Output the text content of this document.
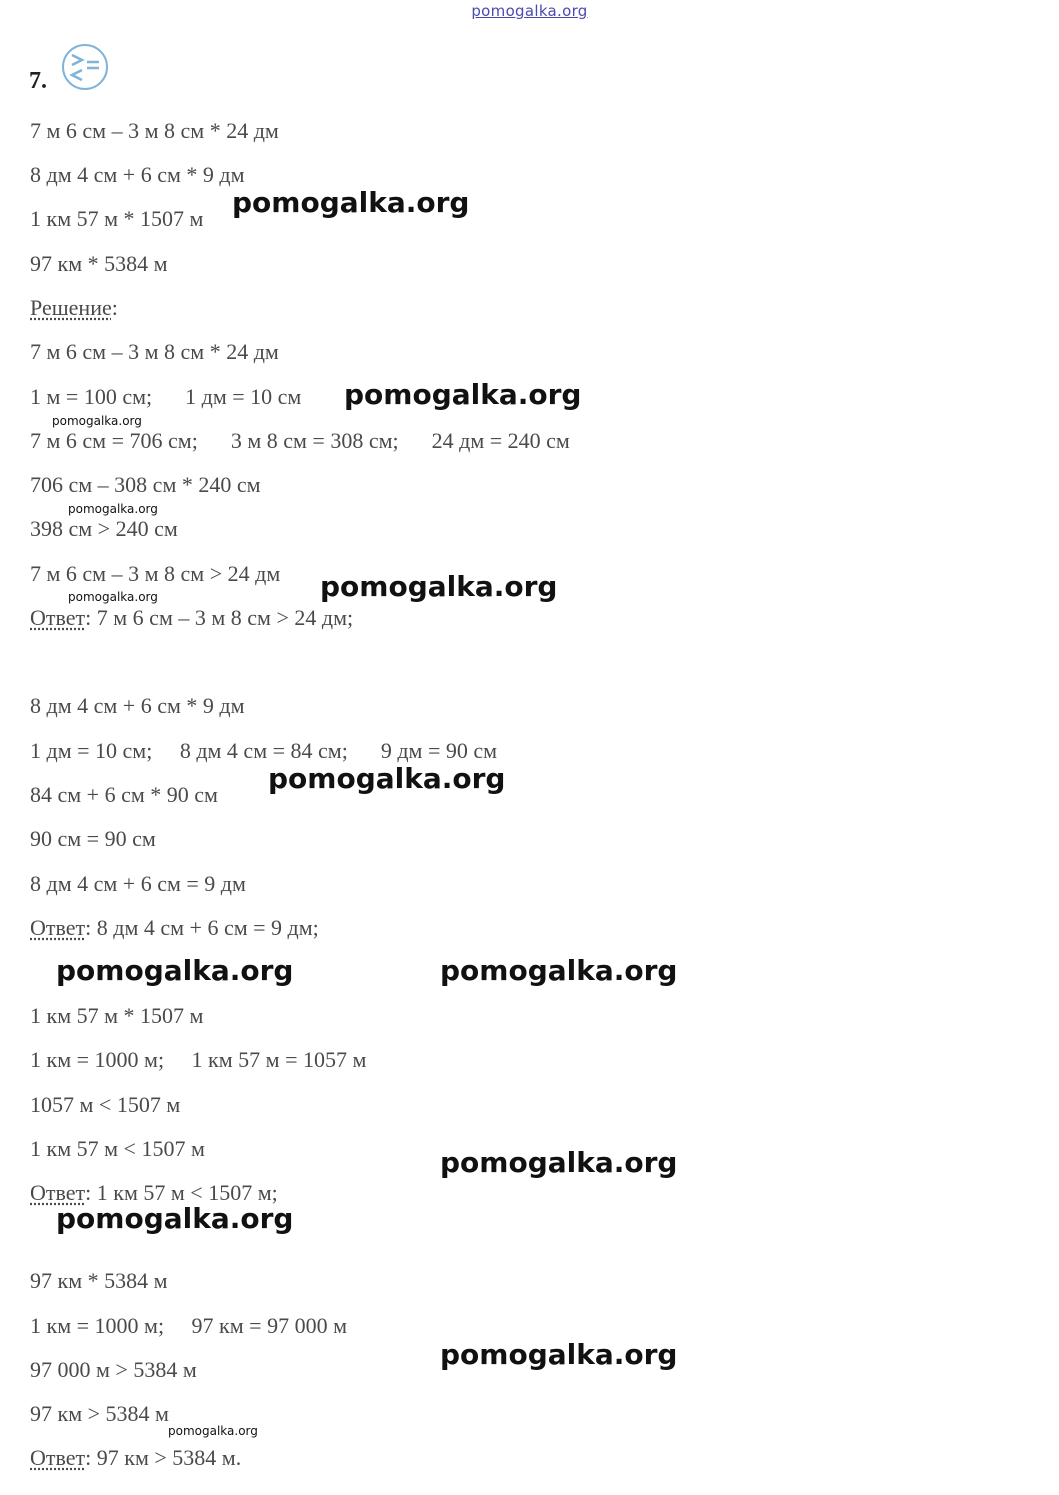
pomogalka.org
7.
7 м 6 см – 3 м 8 см * 24 дм
8 дм 4 см + 6 см * 9 дм
1 км 57 м * 1507 м
97 км * 5384 м
Решение:
7 м 6 см – 3 м 8 см * 24 дм
1 м = 100 см;      1 дм = 10 см
7 м 6 см = 706 см;      3 м 8 см = 308 см;      24 дм = 240 см
706 см – 308 см * 240 см
398 см > 240 см
7 м 6 см – 3 м 8 см > 24 дм
Ответ: 7 м 6 см – 3 м 8 см > 24 дм;
8 дм 4 см + 6 см * 9 дм
1 дм = 10 см;     8 дм 4 см = 84 см;      9 дм = 90 см
84 см + 6 см * 90 см
90 см = 90 см
8 дм 4 см + 6 см = 9 дм
Ответ: 8 дм 4 см + 6 см = 9 дм;
1 км 57 м * 1507 м
1 км = 1000 м;     1 км 57 м = 1057 м
1057 м < 1507 м
1 км 57 м < 1507 м
Ответ: 1 км 57 м < 1507 м;
97 км * 5384 м
1 км = 1000 м;     97 км = 97 000 м
97 000 м > 5384 м
97 км > 5384 м
Ответ: 97 км > 5384 м.
pomogalka.org
pomogalka.org
pomogalka.org
pomogalka.org
pomogalka.org	pomogalka.org
pomogalka.org
pomogalka.org
pomogalka.org
pomogalka.org
pomogalka.org
pomogalka.org
pomogalka.org
